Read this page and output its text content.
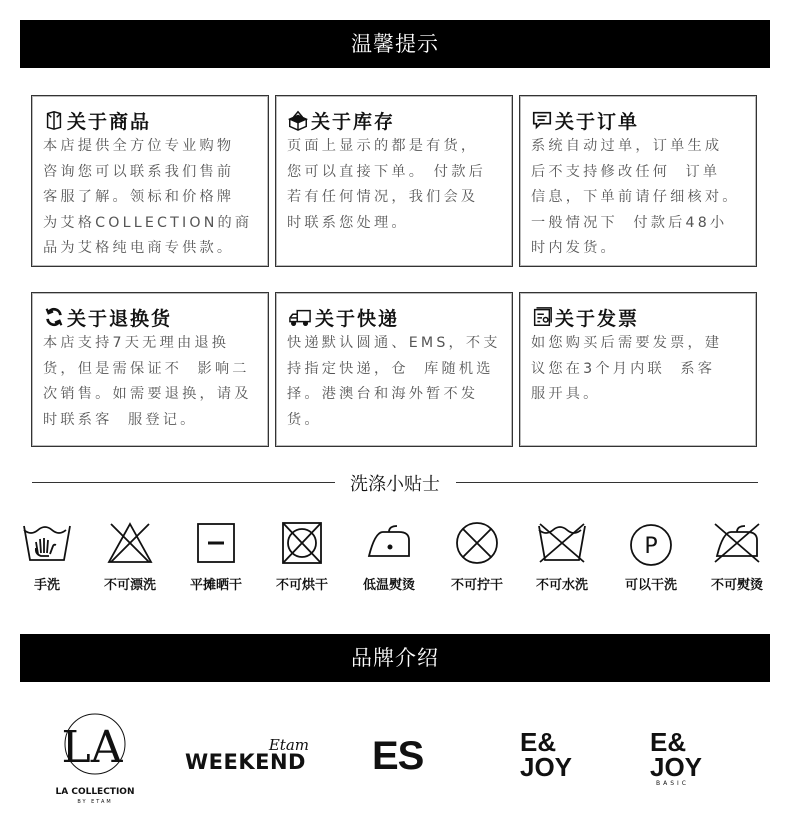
温馨提示
关于商品
本店提供全方位专业购物
咨询您可以联系我们售前
客服了解。领标和价格牌
为艾格COLLECTION的商
品为艾格纯电商专供款。
关于库存
页面上显示的都是有货，
您可以直接下单。 付款后
若有任何情况，我们会及
时联系您处理。
关于订单
系统自动过单，订单生成
后不支持修改任何  订单
信息，下单前请仔细核对。
一般情况下  付款后48小
时内发货。
关于退换货
本店支持7天无理由退换
货，但是需保证不  影响二
次销售。如需要退换，请及
时联系客  服登记。
关于快递
快递默认圆通、EMS，不支
持指定快递，仓  库随机选
择。港澳台和海外暂不发
货。
关于发票
如您购买后需要发票，建
议您在3个月内联  系客
服开具。
洗涤小贴士
手洗	不可漂洗	平摊晒干	不可烘干	低温熨烫	不可拧干	不可水洗
P
可以干洗	不可熨烫
品牌介绍
LA
LA COLLECTION
BY ETAM
Etam
WEEKEND ES	E&
JOY
E&
JOY
BASIC
